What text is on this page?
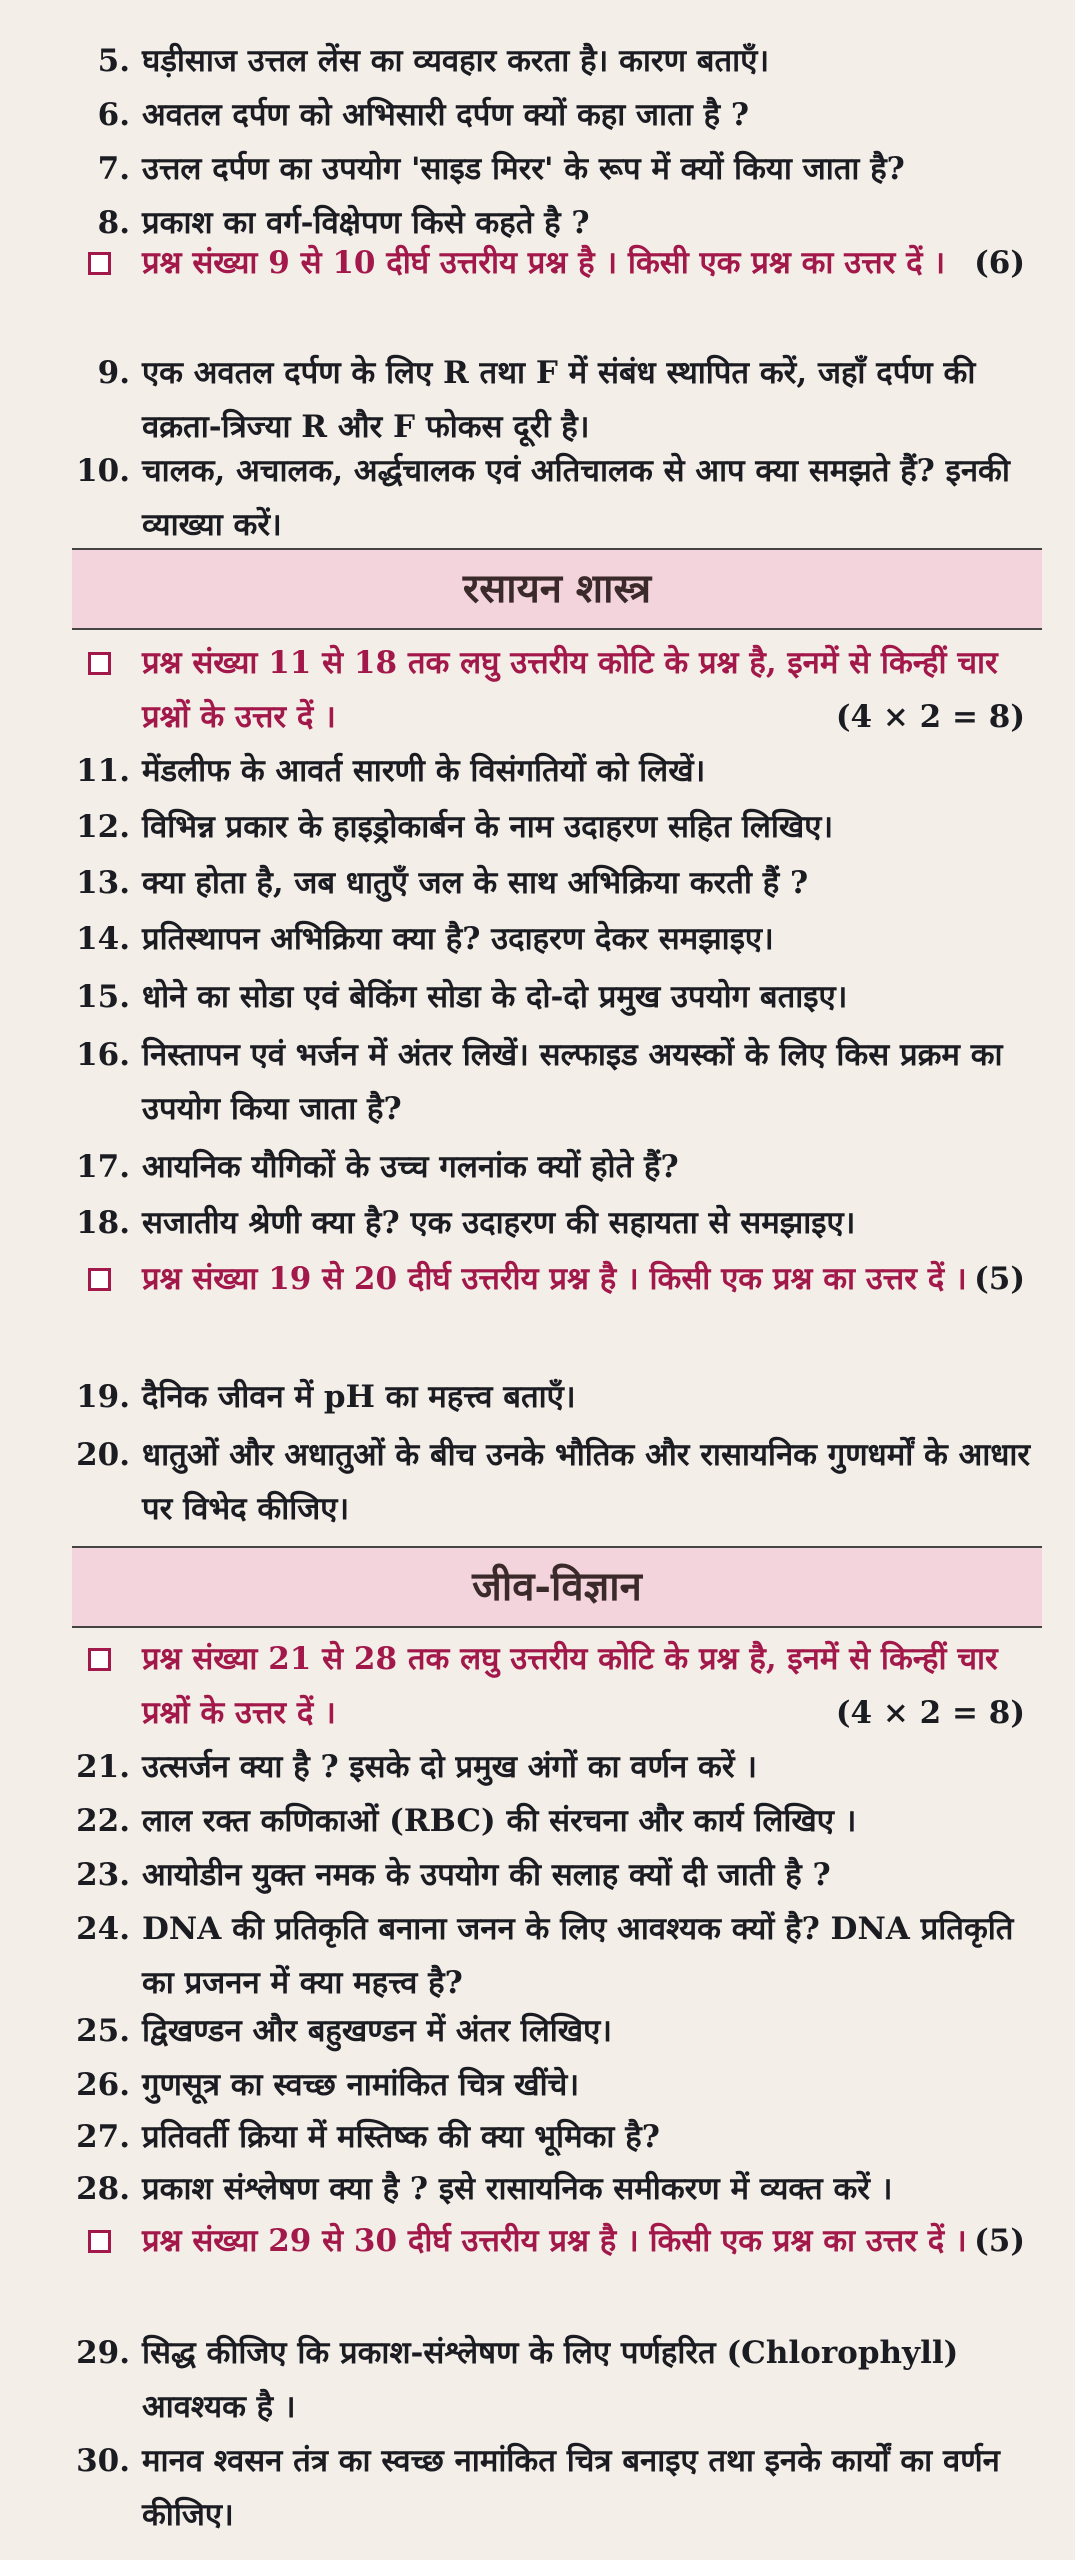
5. घड़ीसाज उत्तल लेंस का व्यवहार करता है। कारण बताएँ।
6. अवतल दर्पण को अभिसारी दर्पण क्यों कहा जाता है ?
7. उत्तल दर्पण का उपयोग 'साइड मिरर' के रूप में क्यों किया जाता है?
8. प्रकाश का वर्ग-विक्षेपण किसे कहते है ?
प्रश्न संख्या 9 से 10 दीर्घ उत्तरीय प्रश्न है । किसी एक प्रश्न का उत्तर दें । (6)
9. एक अवतल दर्पण के लिए R तथा F में संबंध स्थापित करें, जहाँ दर्पण की वक्रता-त्रिज्या R और F फोकस दूरी है।
10. चालक, अचालक, अर्द्धचालक एवं अतिचालक से आप क्या समझते हैं? इनकी व्याख्या करें।
रसायन शास्त्र
प्रश्न संख्या 11 से 18 तक लघु उत्तरीय कोटि के प्रश्न है, इनमें से किन्हीं चार प्रश्नों के उत्तर दें ।	(4 × 2 = 8)
11. मेंडलीफ के आवर्त सारणी के विसंगतियों को लिखें।
12. विभिन्न प्रकार के हाइड्रोकार्बन के नाम उदाहरण सहित लिखिए।
13. क्या होता है, जब धातुएँ जल के साथ अभिक्रिया करती हैं ?
14. प्रतिस्थापन अभिक्रिया क्या है? उदाहरण देकर समझाइए।
15. धोने का सोडा एवं बेकिंग सोडा के दो-दो प्रमुख उपयोग बताइए।
16. निस्तापन एवं भर्जन में अंतर लिखें। सल्फाइड अयस्कों के लिए किस प्रक्रम का उपयोग किया जाता है?
17. आयनिक यौगिकों के उच्च गलनांक क्यों होते हैं?
18. सजातीय श्रेणी क्या है? एक उदाहरण की सहायता से समझाइए।
प्रश्न संख्या 19 से 20 दीर्घ उत्तरीय प्रश्न है । किसी एक प्रश्न का उत्तर दें । (5)
19. दैनिक जीवन में pH का महत्त्व बताएँ।
20. धातुओं और अधातुओं के बीच उनके भौतिक और रासायनिक गुणधर्मों के आधार पर विभेद कीजिए।
जीव-विज्ञान
प्रश्न संख्या 21 से 28 तक लघु उत्तरीय कोटि के प्रश्न है, इनमें से किन्हीं चार प्रश्नों के उत्तर दें ।	(4 × 2 = 8)
21. उत्सर्जन क्या है ? इसके दो प्रमुख अंगों का वर्णन करें ।
22. लाल रक्त कणिकाओं (RBC) की संरचना और कार्य लिखिए ।
23. आयोडीन युक्त नमक के उपयोग की सलाह क्यों दी जाती है ?
24. DNA की प्रतिकृति बनाना जनन के लिए आवश्यक क्यों है? DNA प्रतिकृति का प्रजनन में क्या महत्त्व है?
25. द्विखण्डन और बहुखण्डन में अंतर लिखिए।
26. गुणसूत्र का स्वच्छ नामांकित चित्र खींचे।
27. प्रतिवर्ती क्रिया में मस्तिष्क की क्या भूमिका है?
28. प्रकाश संश्लेषण क्या है ? इसे रासायनिक समीकरण में व्यक्त करें ।
प्रश्न संख्या 29 से 30 दीर्घ उत्तरीय प्रश्न है । किसी एक प्रश्न का उत्तर दें । (5)
29. सिद्ध कीजिए कि प्रकाश-संश्लेषण के लिए पर्णहरित (Chlorophyll) आवश्यक है ।
30. मानव श्वसन तंत्र का स्वच्छ नामांकित चित्र बनाइए तथा इनके कार्यों का वर्णन कीजिए।
